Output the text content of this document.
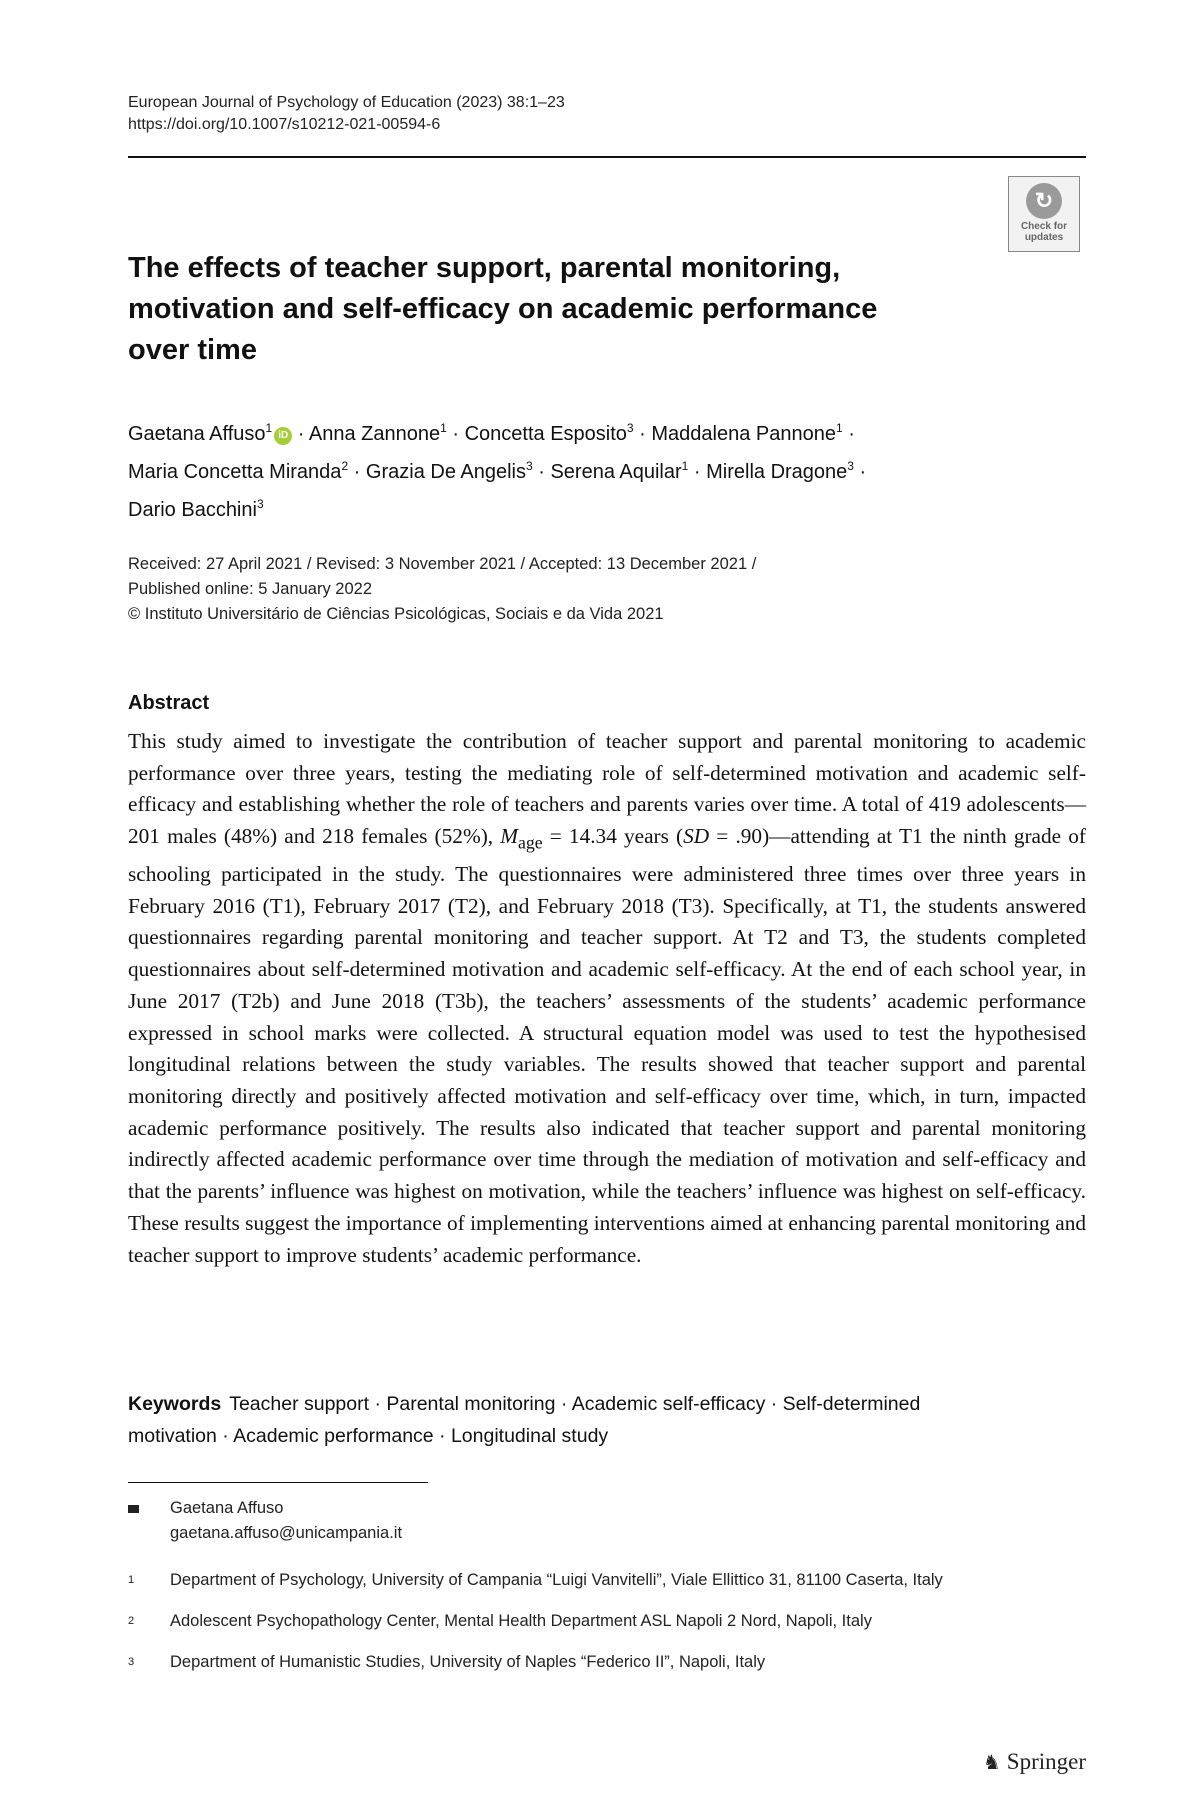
European Journal of Psychology of Education (2023) 38:1–23
https://doi.org/10.1007/s10212-021-00594-6
↻
Check for
updates
The effects of teacher support, parental monitoring, motivation and self-efficacy on academic performance over time
Gaetana Affuso$^1$iD · Anna Zannone$^1$ · Concetta Esposito$^3$ · Maddalena Pannone$^1$ ·
Maria Concetta Miranda$^2$ · Grazia De Angelis$^3$ · Serena Aquilar$^1$ · Mirella Dragone$^3$ ·
Dario Bacchini$^3$
Received: 27 April 2021 / Revised: 3 November 2021 / Accepted: 13 December 2021 /
Published online: 5 January 2022
© Instituto Universitário de Ciências Psicológicas, Sociais e da Vida 2021
Abstract
This study aimed to investigate the contribution of teacher support and parental monitoring to academic performance over three years, testing the mediating role of self-determined motivation and academic self-efficacy and establishing whether the role of teachers and parents varies over time. A total of 419 adolescents—201 males (48%) and 218 females (52%), $M_{age} = 14.34$ years (SD = .90)—attending at T1 the ninth grade of schooling participated in the study. The questionnaires were administered three times over three years in February 2016 (T1), February 2017 (T2), and February 2018 (T3). Specifically, at T1, the students answered questionnaires regarding parental monitoring and teacher support. At T2 and T3, the students completed questionnaires about self-determined motivation and academic self-efficacy. At the end of each school year, in June 2017 (T2b) and June 2018 (T3b), the teachers’ assessments of the students’ academic performance expressed in school marks were collected. A structural equation model was used to test the hypothesised longitudinal relations between the study variables. The results showed that teacher support and parental monitoring directly and positively affected motivation and self-efficacy over time, which, in turn, impacted academic performance positively. The results also indicated that teacher support and parental monitoring indirectly affected academic performance over time through the mediation of motivation and self-efficacy and that the parents’ influence was highest on motivation, while the teachers’ influence was highest on self-efficacy. These results suggest the importance of implementing interventions aimed at enhancing parental monitoring and teacher support to improve students’ academic performance.
Keywords Teacher support · Parental monitoring · Academic self-efficacy · Self-determined motivation · Academic performance · Longitudinal study
Gaetana Affuso
gaetana.affuso@unicampania.it
1 Department of Psychology, University of Campania “Luigi Vanvitelli”, Viale Ellittico 31, 81100 Caserta, Italy
2 Adolescent Psychopathology Center, Mental Health Department ASL Napoli 2 Nord, Napoli, Italy
3 Department of Humanistic Studies, University of Naples “Federico II”, Napoli, Italy
♞ Springer
